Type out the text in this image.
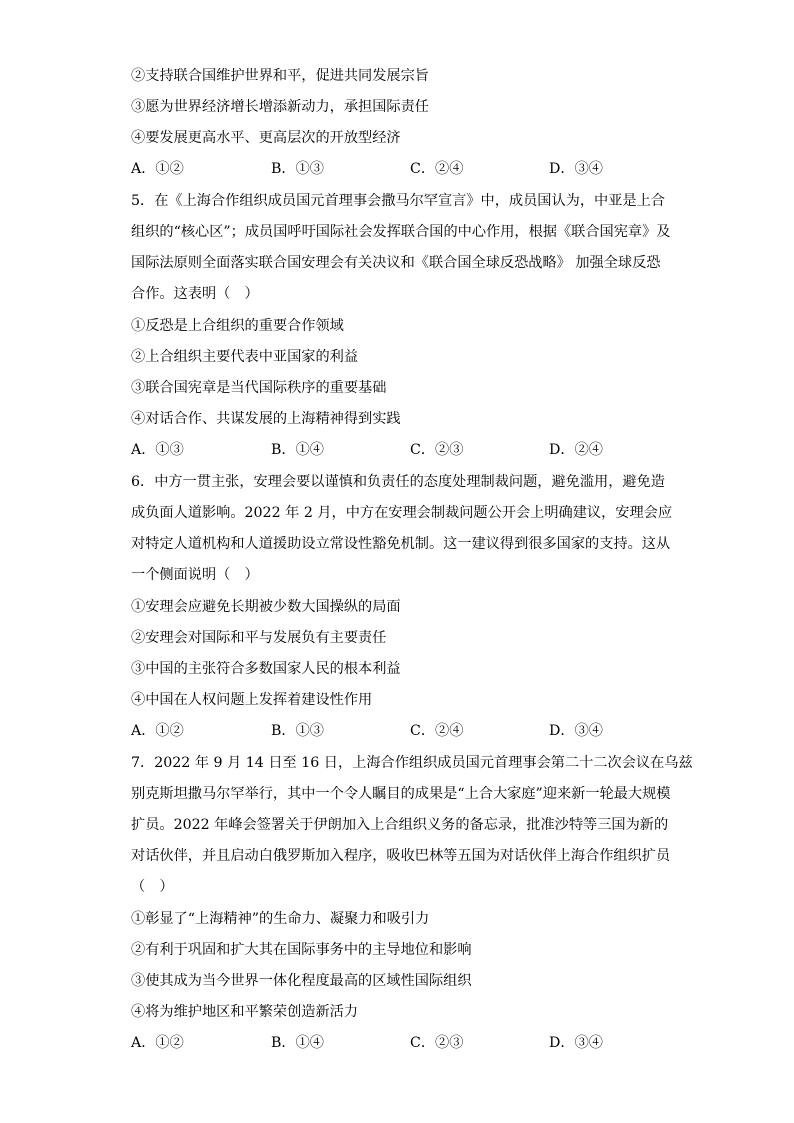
②支持联合国维护世界和平，促进共同发展宗旨
③愿为世界经济增长增添新动力，承担国际责任
④要发展更高水平、更高层次的开放型经济
A．①②	B．①③	C．②④	D．③④
5．在《上海合作组织成员国元首理事会撒马尔罕宣言》中，成员国认为，中亚是上合
组织的“核心区”；成员国呼吁国际社会发挥联合国的中心作用，根据《联合国宪章》及
国际法原则全面落实联合国安理会有关决议和《联合国全球反恐战略》 加强全球反恐
合作。这表明（　）
①反恐是上合组织的重要合作领域
②上合组织主要代表中亚国家的利益
③联合国宪章是当代国际秩序的重要基础
④对话合作、共谋发展的上海精神得到实践
A．①③	B．①④	C．②③	D．②④
6．中方一贯主张，安理会要以谨慎和负责任的态度处理制裁问题，避免滥用，避免造
成负面人道影响。2022 年 2 月，中方在安理会制裁问题公开会上明确建议，安理会应
对特定人道机构和人道援助设立常设性豁免机制。这一建议得到很多国家的支持。这从
一个侧面说明（　）
①安理会应避免长期被少数大国操纵的局面
②安理会对国际和平与发展负有主要责任
③中国的主张符合多数国家人民的根本利益
④中国在人权问题上发挥着建设性作用
A．①②	B．①③	C．②④	D．③④
7．2022 年 9 月 14 日至 16 日，上海合作组织成员国元首理事会第二十二次会议在乌兹
别克斯坦撒马尔罕举行，其中一个令人瞩目的成果是“上合大家庭”迎来新一轮最大规模
扩员。2022 年峰会签署关于伊朗加入上合组织义务的备忘录，批准沙特等三国为新的
对话伙伴，并且启动白俄罗斯加入程序，吸收巴林等五国为对话伙伴上海合作组织扩员
（　）
①彰显了“上海精神”的生命力、凝聚力和吸引力
②有利于巩固和扩大其在国际事务中的主导地位和影响
③使其成为当今世界一体化程度最高的区域性国际组织
④将为维护地区和平繁荣创造新活力
A．①②	B．①④	C．②③	D．③④
